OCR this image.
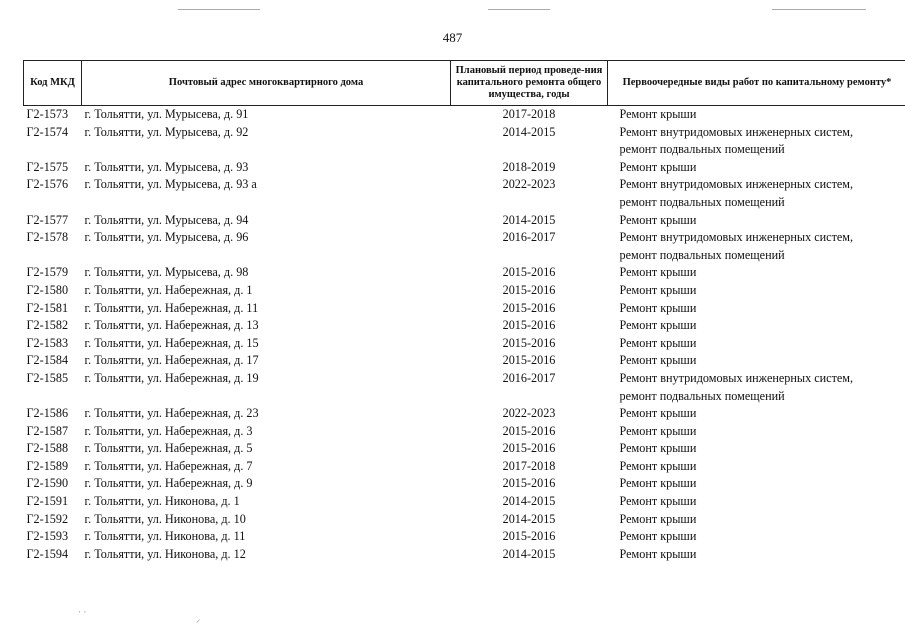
487
Код МКД	Почтовый адрес многоквартирного дома	Плановый период проведе-ния капитального ремонта общего имущества, годы	Первоочередные виды работ по капитальному ремонту*
Г2-1573	г. Тольятти, ул. Мурысева, д. 91	2017-2018	Ремонт крыши

Г2-1574	г. Тольятти, ул. Мурысева, д. 92	2014-2015	Ремонт внутридомовых инженерных систем,
ремонт подвальных помещений

Г2-1575	г. Тольятти, ул. Мурысева, д. 93	2018-2019	Ремонт крыши

Г2-1576	г. Тольятти, ул. Мурысева, д. 93 а	2022-2023	Ремонт внутридомовых инженерных систем,
ремонт подвальных помещений

Г2-1577	г. Тольятти, ул. Мурысева, д. 94	2014-2015	Ремонт крыши

Г2-1578	г. Тольятти, ул. Мурысева, д. 96	2016-2017	Ремонт внутридомовых инженерных систем,
ремонт подвальных помещений

Г2-1579	г. Тольятти, ул. Мурысева, д. 98	2015-2016	Ремонт крыши

Г2-1580	г. Тольятти, ул. Набережная, д. 1	2015-2016	Ремонт крыши

Г2-1581	г. Тольятти, ул. Набережная, д. 11	2015-2016	Ремонт крыши

Г2-1582	г. Тольятти, ул. Набережная, д. 13	2015-2016	Ремонт крыши

Г2-1583	г. Тольятти, ул. Набережная, д. 15	2015-2016	Ремонт крыши

Г2-1584	г. Тольятти, ул. Набережная, д. 17	2015-2016	Ремонт крыши

Г2-1585	г. Тольятти, ул. Набережная, д. 19	2016-2017	Ремонт внутридомовых инженерных систем,
ремонт подвальных помещений

Г2-1586	г. Тольятти, ул. Набережная, д. 23	2022-2023	Ремонт крыши

Г2-1587	г. Тольятти, ул. Набережная, д. 3	2015-2016	Ремонт крыши

Г2-1588	г. Тольятти, ул. Набережная, д. 5	2015-2016	Ремонт крыши

Г2-1589	г. Тольятти, ул. Набережная, д. 7	2017-2018	Ремонт крыши

Г2-1590	г. Тольятти, ул. Набережная, д. 9	2015-2016	Ремонт крыши

Г2-1591	г. Тольятти, ул. Никонова, д. 1	2014-2015	Ремонт крыши

Г2-1592	г. Тольятти, ул. Никонова, д. 10	2014-2015	Ремонт крыши

Г2-1593	г. Тольятти, ул. Никонова, д. 11	2015-2016	Ремонт крыши

Г2-1594	г. Тольятти, ул. Никонова, д. 12	2014-2015	Ремонт крыши
⋅ ⋅
⸝
